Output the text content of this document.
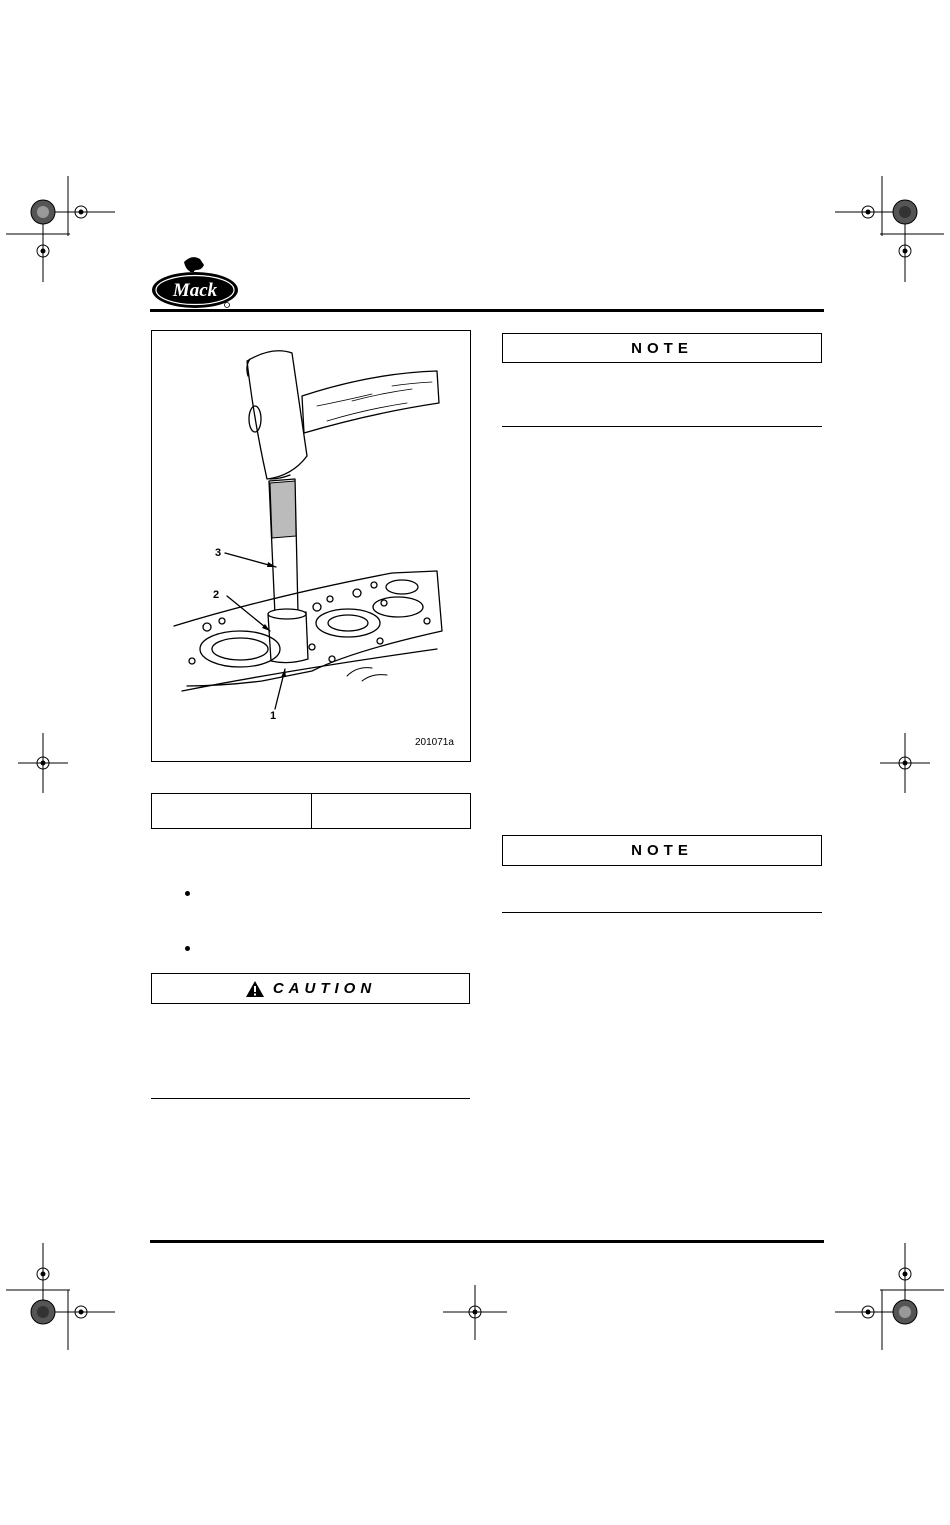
Mack
3
2
1
201071a
CAUTION
NOTE
NOTE
